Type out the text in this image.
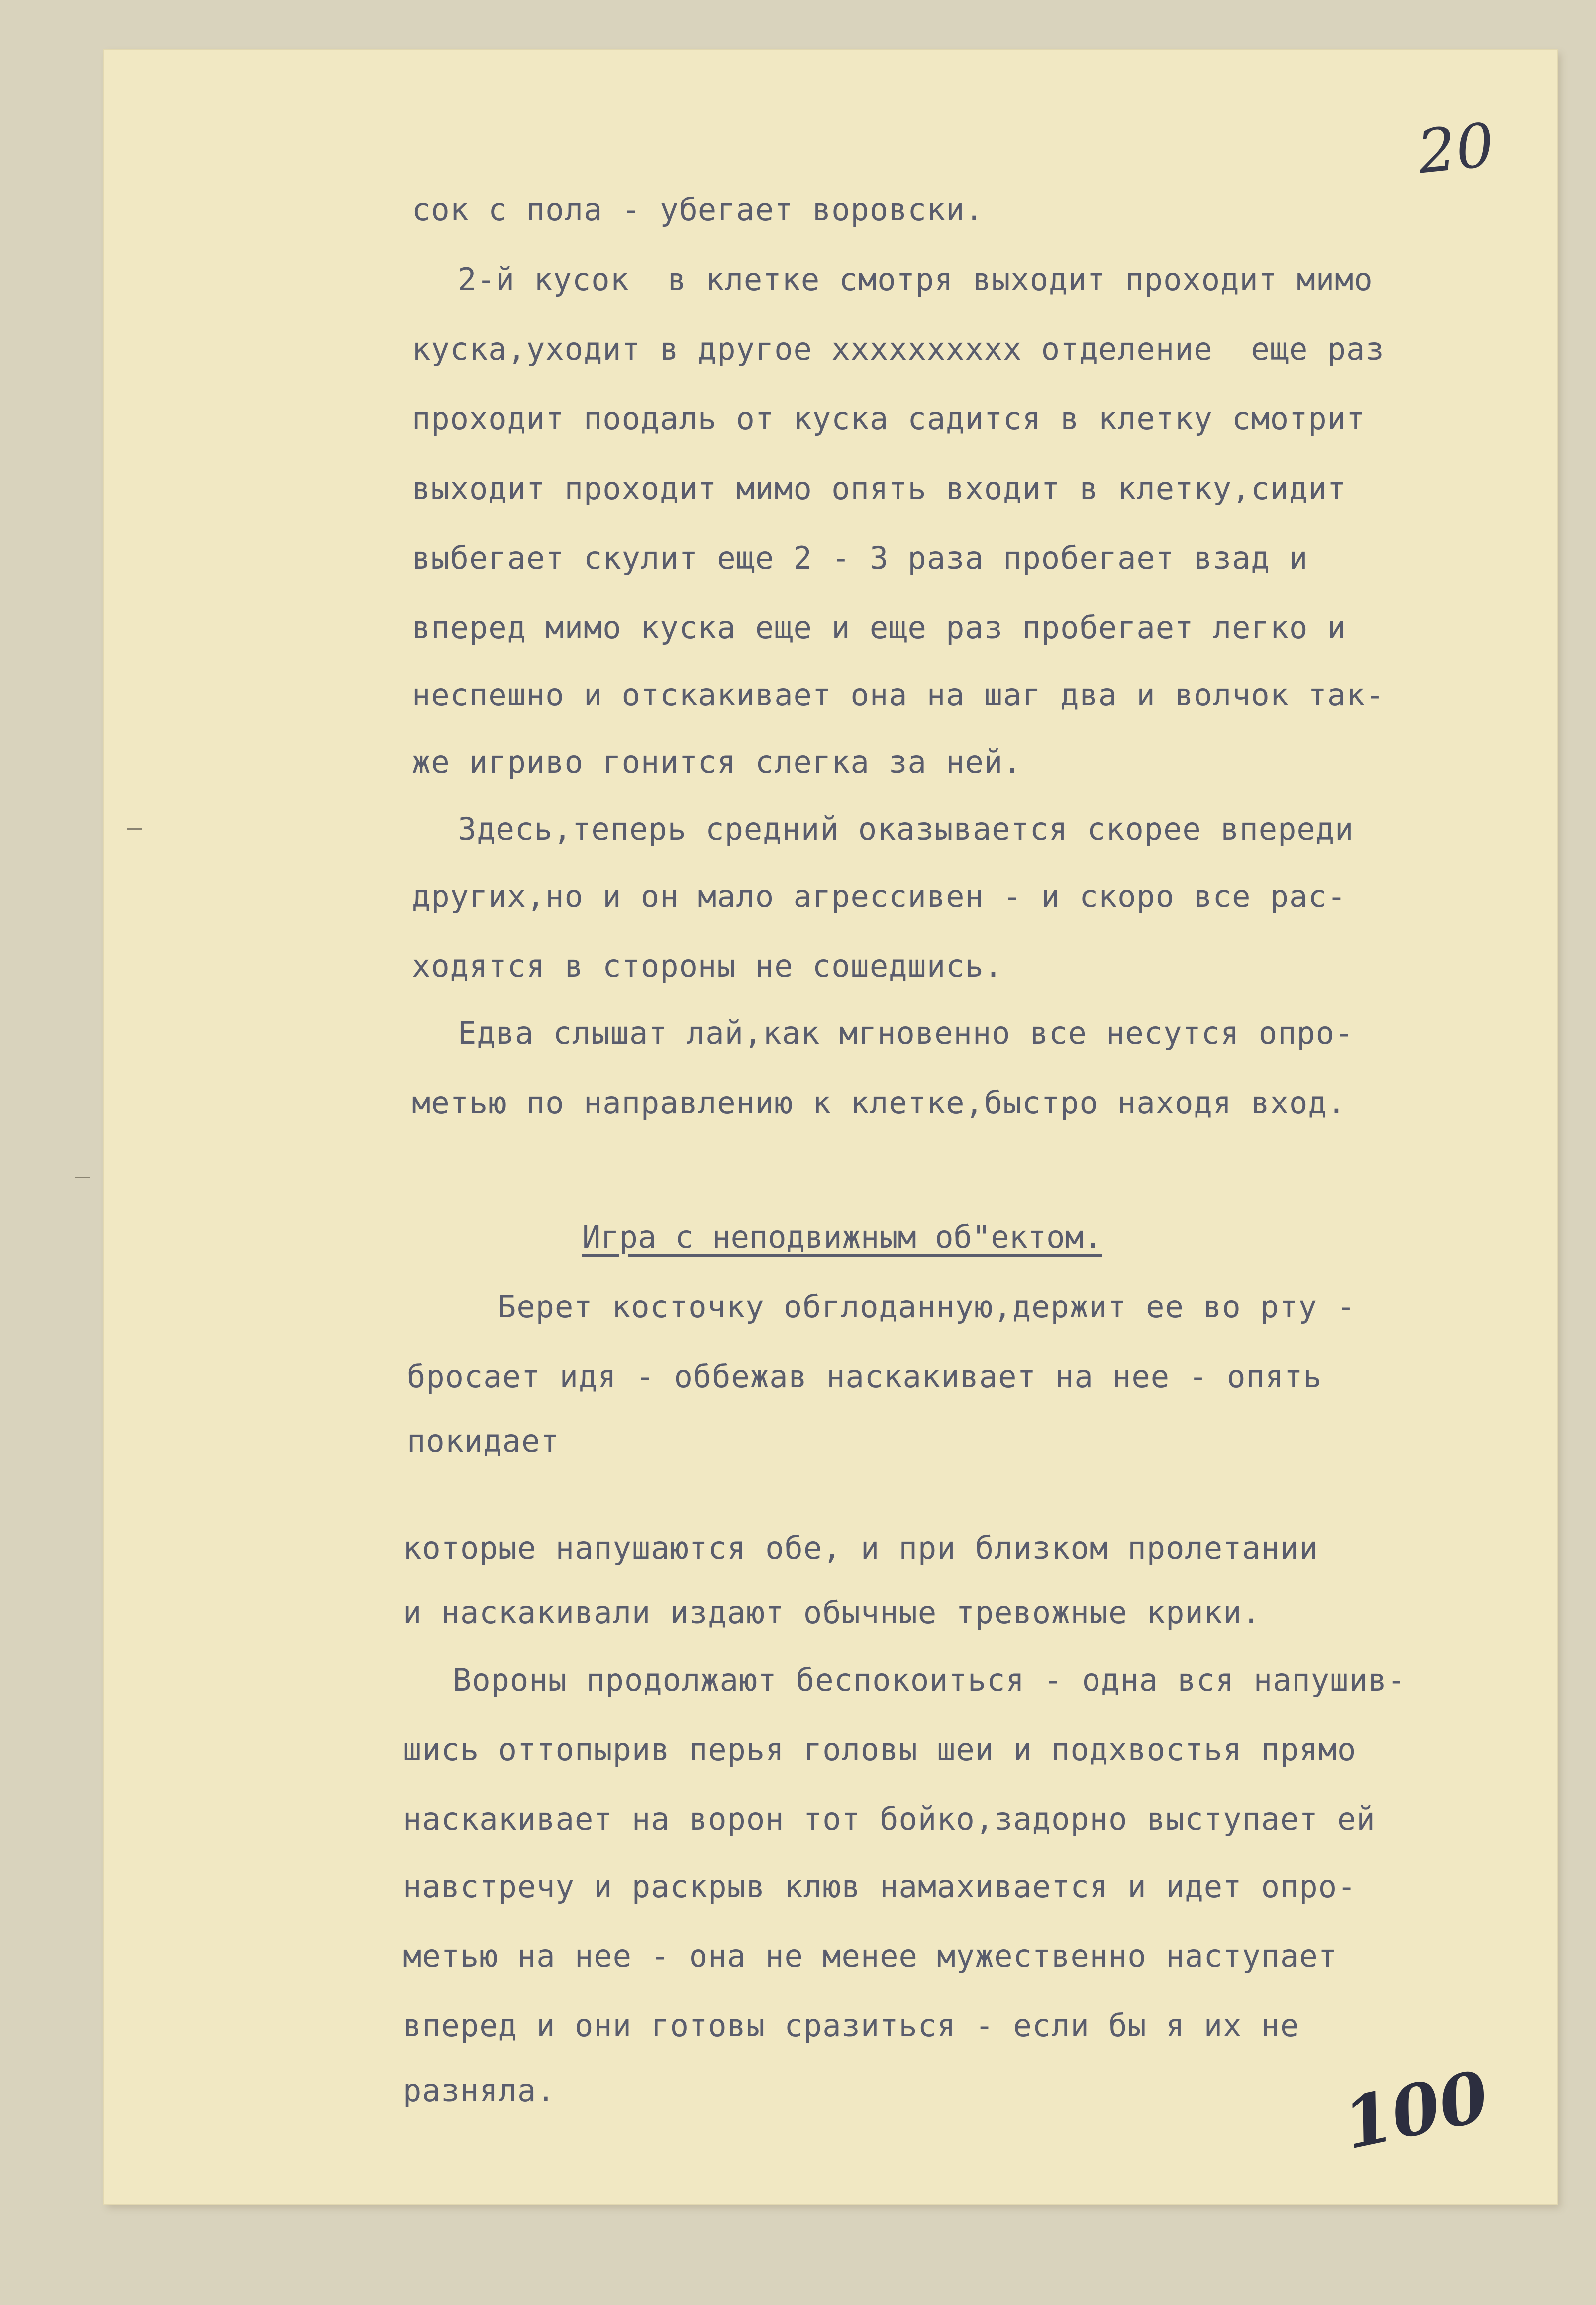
20
сок с пола - убегает воровски.
2-й кусок  в клетке смотря выходит проходит мимо
куска,уходит в другое xxxxxxxxxx отделение  еще раз
проходит поодаль от куска садится в клетку смотрит
выходит проходит мимо опять входит в клетку,сидит
выбегает скулит еще 2 - 3 раза пробегает взад и
вперед мимо куска еще и еще раз пробегает легко и
неспешно и отскакивает она на шаг два и волчок так-
же игриво гонится слегка за ней.
Здесь,теперь средний оказывается скорее впереди
других,но и он мало агрессивен - и скоро все рас-
ходятся в стороны не сошедшись.
Едва слышат лай,как мгновенно все несутся опро-
метью по направлению к клетке,быстро находя вход.
Игра с неподвижным об"ектом.
Берет косточку обглоданную,держит ее во рту -
бросает идя - оббежав наскакивает на нее - опять
покидает
которые напушаются обе, и при близком пролетании
и наскакивали издают обычные тревожные крики.
Вороны продолжают беспокоиться - одна вся напушив-
шись оттопырив перья головы шеи и подхвостья прямо
наскакивает на ворон тот бойко,задорно выступает ей
навстречу и раскрыв клюв намахивается и идет опро-
метью на нее - она не менее мужественно наступает
вперед и они готовы сразиться - если бы я их не
разняла.	100
